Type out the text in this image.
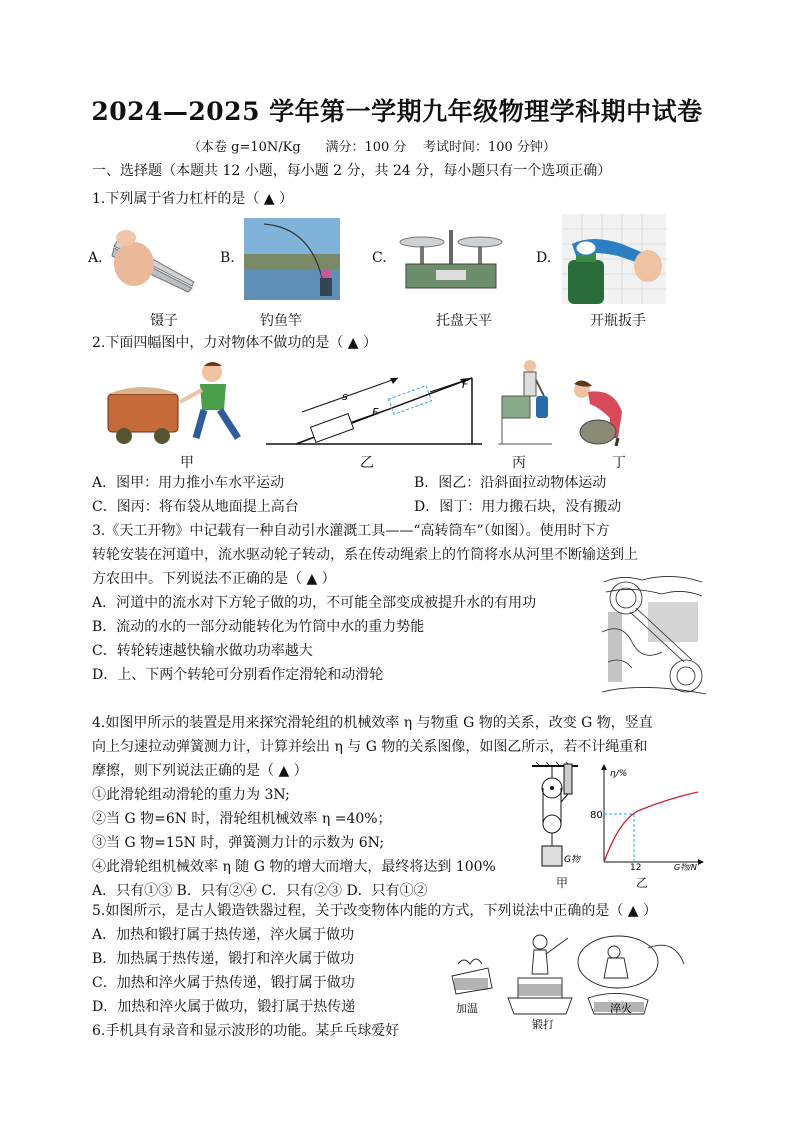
2024—2025 学年第一学期九年级物理学科期中试卷
（本卷 g=10N/Kg      满分：100 分    考试时间：100 分钟）
一、选择题（本题共 12 小题，每小题 2 分，共 24 分，每小题只有一个选项正确）
1.下列属于省力杠杆的是（ ▲ ）
A.	B.	C.	D.
镊子	钓鱼竿	托盘天平	开瓶扳手
2.下面四幅图中，力对物体不做功的是（ ▲ ）
s
F
F
甲	乙	丙	丁
A．图甲：用力推小车水平运动	B．图乙：沿斜面拉动物体运动
C．图丙：将布袋从地面提上高台	D．图丁：用力搬石块，没有搬动
3.《天工开物》中记载有一种自动引水灌溉工具——“高转筒车”（如图）。使用时下方
转轮安装在河道中，流水驱动轮子转动，系在传动绳索上的竹筒将水从河里不断输送到上
方农田中。下列说法不正确的是（ ▲ ）
A．河道中的流水对下方轮子做的功，不可能全部变成被提升水的有用功
B．流动的水的一部分动能转化为竹筒中水的重力势能
C．转轮转速越快输水做功功率越大
D．上、下两个转轮可分别看作定滑轮和动滑轮
4.如图甲所示的装置是用来探究滑轮组的机械效率 η 与物重 G 物的关系，改变 G 物，竖直
向上匀速拉动弹簧测力计，计算并绘出 η 与 G 物的关系图像，如图乙所示，若不计绳重和
摩擦，则下列说法正确的是（ ▲ ）
①此滑轮组动滑轮的重力为 3N;
②当 G 物=6N 时，滑轮组机械效率 η =40%；
③当 G 物=15N 时，弹簧测力计的示数为 6N;
④此滑轮组机械效率 η 随 G 物的增大而增大，最终将达到 100%
A．只有①③ B．只有②④ C．只有②③ D．只有①②
G物
η/%
80
12	G物/N
甲	乙
5.如图所示，是古人锻造铁器过程，关于改变物体内能的方式，下列说法中正确的是（ ▲ ）
A．加热和锻打属于热传递，淬火属于做功
B．加热属于热传递，锻打和淬火属于做功
C．加热和淬火属于热传递，锻打属于做功
D．加热和淬火属于做功，锻打属于热传递	加温
锻打
淬火
6.手机具有录音和显示波形的功能。某乒乓球爱好
